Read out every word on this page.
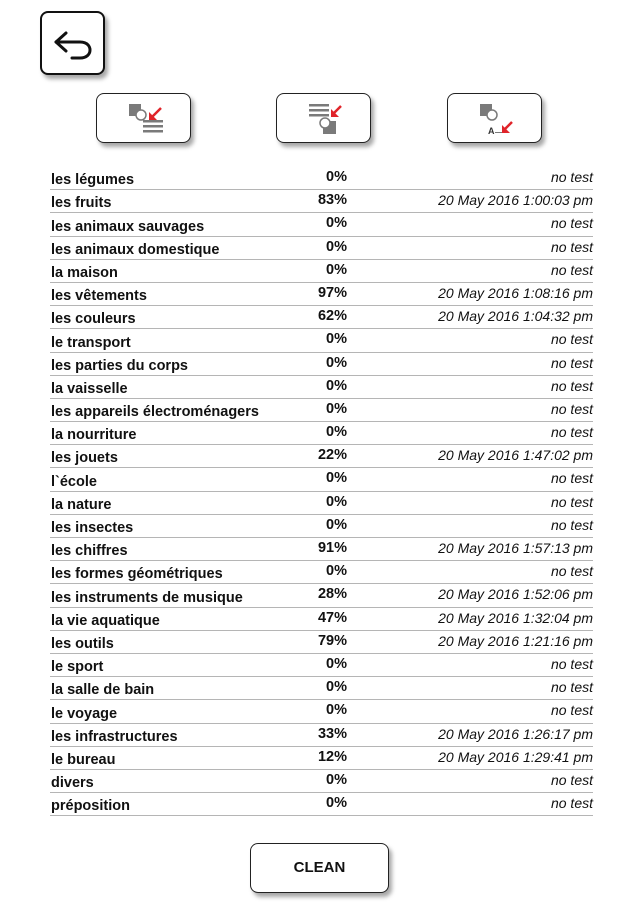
A
les légumes	0%	no test
les fruits	83%	20 May 2016 1:00:03 pm
les animaux sauvages	0%	no test
les animaux domestique	0%	no test
la maison	0%	no test
les vêtements	97%	20 May 2016 1:08:16 pm
les couleurs	62%	20 May 2016 1:04:32 pm
le transport	0%	no test
les parties du corps	0%	no test
la vaisselle	0%	no test
les appareils électroménagers	0%	no test
la nourriture	0%	no test
les jouets	22%	20 May 2016 1:47:02 pm
l`école	0%	no test
la nature	0%	no test
les insectes	0%	no test
les chiffres	91%	20 May 2016 1:57:13 pm
les formes géométriques	0%	no test
les instruments de musique	28%	20 May 2016 1:52:06 pm
la vie aquatique	47%	20 May 2016 1:32:04 pm
les outils	79%	20 May 2016 1:21:16 pm
le sport	0%	no test
la salle de bain	0%	no test
le voyage	0%	no test
les infrastructures	33%	20 May 2016 1:26:17 pm
le bureau	12%	20 May 2016 1:29:41 pm
divers	0%	no test
préposition	0%	no test
CLEAN
